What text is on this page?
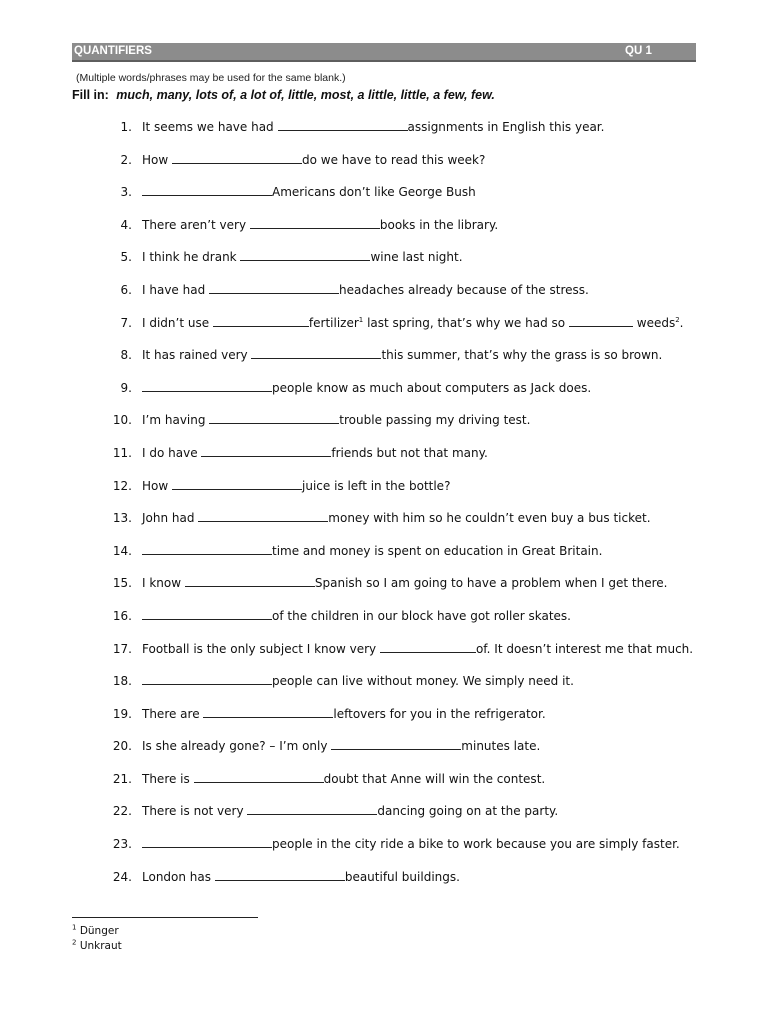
QUANTIFIERS	QU 1
(Multiple words/phrases may be used for the same blank.)
Fill in: much, many, lots of, a lot of, little, most, a little, little, a few, few.
1. It seems we have had	assignments in English this year.
2. How	do we have to read this week?
3.	Americans don’t like George Bush
4. There aren’t very	books in the library.
5. I think he drank	wine last night.
6. I have had	headaches already because of the stress.
7. I didn’t use	fertilizer$^1$ last spring, that’s why we had so	weeds$^2$.
8. It has rained very	this summer, that’s why the grass is so brown.
9.	people know as much about computers as Jack does.
10. I’m having	trouble passing my driving test.
11. I do have	friends but not that many.
12. How	juice is left in the bottle?
13. John had	money with him so he couldn’t even buy a bus ticket.
14.	time and money is spent on education in Great Britain.
15. I know	Spanish so I am going to have a problem when I get there.
16.	of the children in our block have got roller skates.
17. Football is the only subject I know very	of. It doesn’t interest me that much.
18.	people can live without money. We simply need it.
19. There are	leftovers for you in the refrigerator.
20. Is she already gone? – I’m only	minutes late.
21. There is	doubt that Anne will win the contest.
22. There is not very	dancing going on at the party.
23.	people in the city ride a bike to work because you are simply faster.
24. London has	beautiful buildings.
$^1$ Dünger
$^2$ Unkraut
